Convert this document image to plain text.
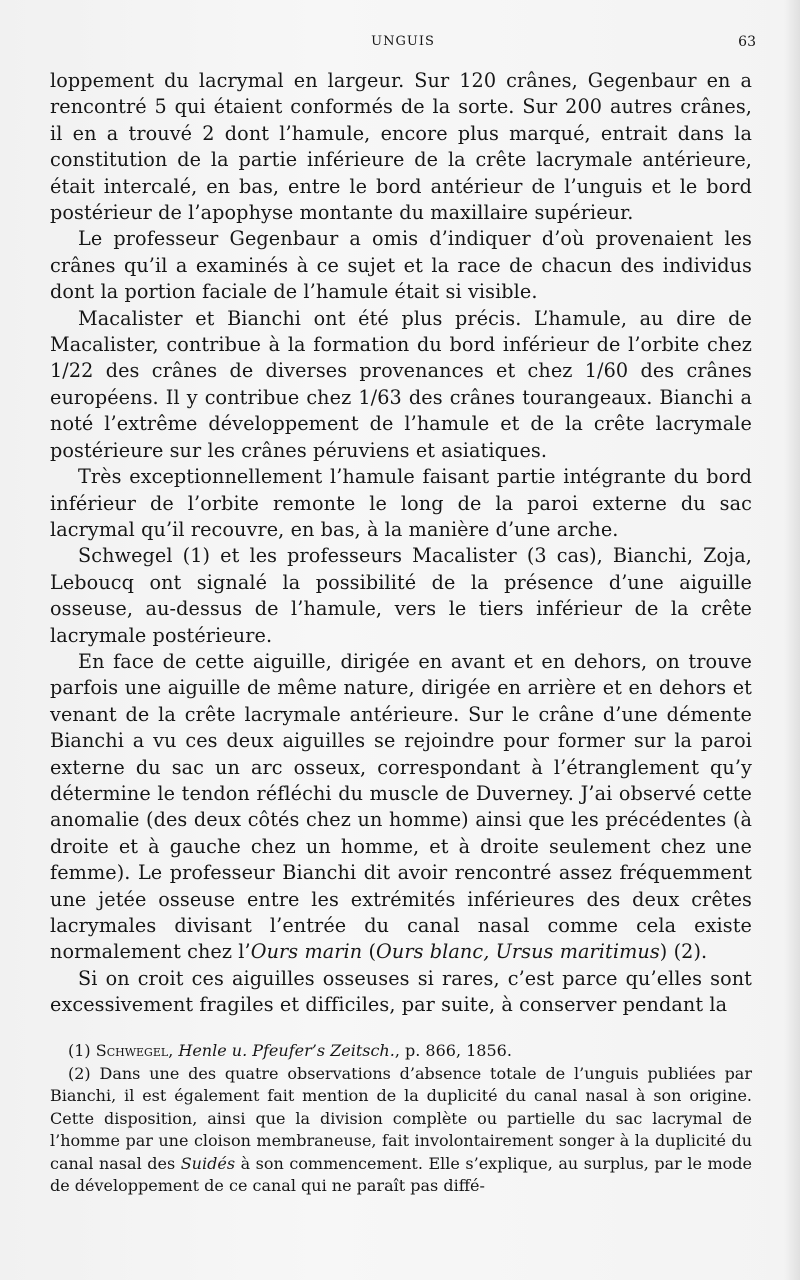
UNGUIS	63

loppement du lacrymal en largeur. Sur 120 crânes, Gegenbaur en a rencontré 5 qui étaient conformés de la sorte. Sur 200 autres crânes, il en a trouvé 2 dont l’hamule, encore plus marqué, entrait dans la constitution de la partie inférieure de la crête lacrymale antérieure, était intercalé, en bas, entre le bord antérieur de l’unguis et le bord postérieur de l’apophyse montante du maxillaire supérieur.

Le professeur Gegenbaur a omis d’indiquer d’où provenaient les crânes qu’il a examinés à ce sujet et la race de chacun des individus dont la portion faciale de l’hamule était si visible.

Macalister et Bianchi ont été plus précis. L’hamule, au dire de Macalister, contribue à la formation du bord inférieur de l’orbite chez 1/22 des crânes de diverses provenances et chez 1/60 des crânes européens. Il y contribue chez 1/63 des crânes tourangeaux. Bianchi a noté l’extrême développement de l’hamule et de la crête lacrymale postérieure sur les crânes péruviens et asiatiques.

Très exceptionnellement l’hamule faisant partie intégrante du bord inférieur de l’orbite remonte le long de la paroi externe du sac lacrymal qu’il recouvre, en bas, à la manière d’une arche.

Schwegel (1) et les professeurs Macalister (3 cas), Bianchi, Zoja, Leboucq ont signalé la possibilité de la présence d’une aiguille osseuse, au-dessus de l’hamule, vers le tiers inférieur de la crête lacrymale postérieure.

En face de cette aiguille, dirigée en avant et en dehors, on trouve parfois une aiguille de même nature, dirigée en arrière et en dehors et venant de la crête lacrymale antérieure. Sur le crâne d’une démente Bianchi a vu ces deux aiguilles se rejoindre pour former sur la paroi externe du sac un arc osseux, correspondant à l’étranglement qu’y détermine le tendon réfléchi du muscle de Duverney. J’ai observé cette anomalie (des deux côtés chez un homme) ainsi que les précédentes (à droite et à gauche chez un homme, et à droite seulement chez une femme). Le professeur Bianchi dit avoir rencontré assez fréquemment une jetée osseuse entre les extrémités inférieures des deux crêtes lacrymales divisant l’entrée du canal nasal comme cela existe normalement chez l’Ours marin (Ours blanc, Ursus maritimus) (2).

Si on croit ces aiguilles osseuses si rares, c’est parce qu’elles sont excessivement fragiles et difficiles, par suite, à conserver pendant la

(1) Schwegel, Henle u. Pfeufer’s Zeitsch., p. 866, 1856.

(2) Dans une des quatre observations d’absence totale de l’unguis publiées par Bianchi, il est également fait mention de la duplicité du canal nasal à son origine. Cette disposition, ainsi que la division complète ou partielle du sac lacrymal de l’homme par une cloison membraneuse, fait involontairement songer à la duplicité du canal nasal des Suidés à son commencement. Elle s’explique, au surplus, par le mode de développement de ce canal qui ne paraît pas diffé-
